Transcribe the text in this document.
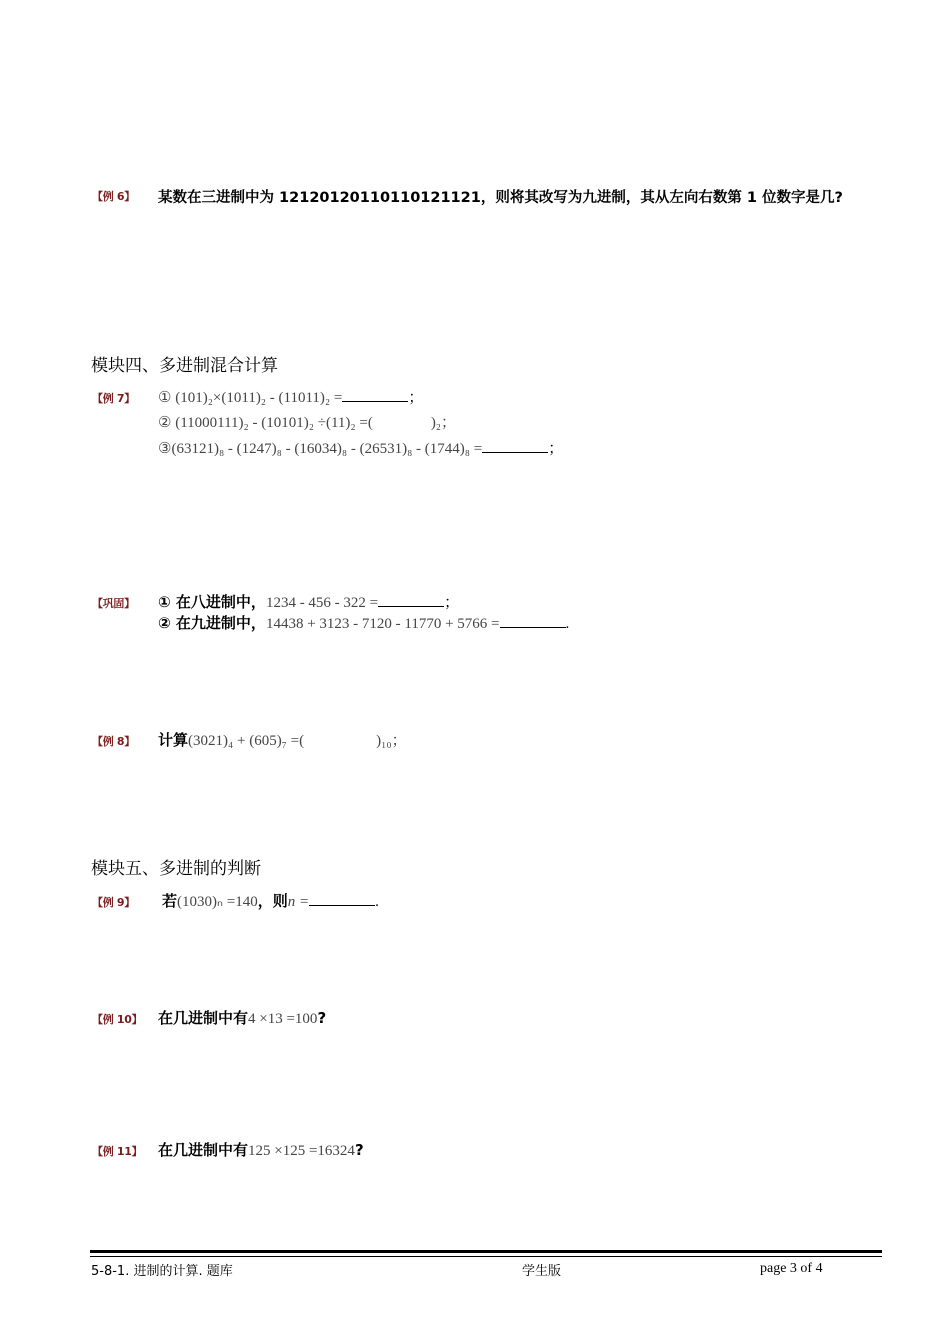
【例 6】 某数在三进制中为 12120120110110121121，则将其改写为九进制，其从左向右数第 1 位数字是几?
模块四、多进制混合计算
【例 7】 ① (101)₂×(1011)₂ - (11011)₂ =	；
② (11000111)₂ - (10101)₂ ÷(11)₂ =(	)₂；
③(63121)₈ - (1247)₈ - (16034)₈ - (26531)₈ - (1744)₈ =	；
【巩固】 ① 在八进制中，1234 - 456 - 322 =	；
② 在九进制中，14438 + 3123 - 7120 - 11770 + 5766 =	.
【例 8】 计算(3021)₄ + (605)₇ =(	)₁₀；
模块五、多进制的判断
【例 9】 若(1030)ₙ =140，则n =	.
【例 10】 在几进制中有4 ×13 =100?
【例 11】 在几进制中有125 ×125 =16324?
5-8-1. 进制的计算. 题库	学生版	page 3 of 4
